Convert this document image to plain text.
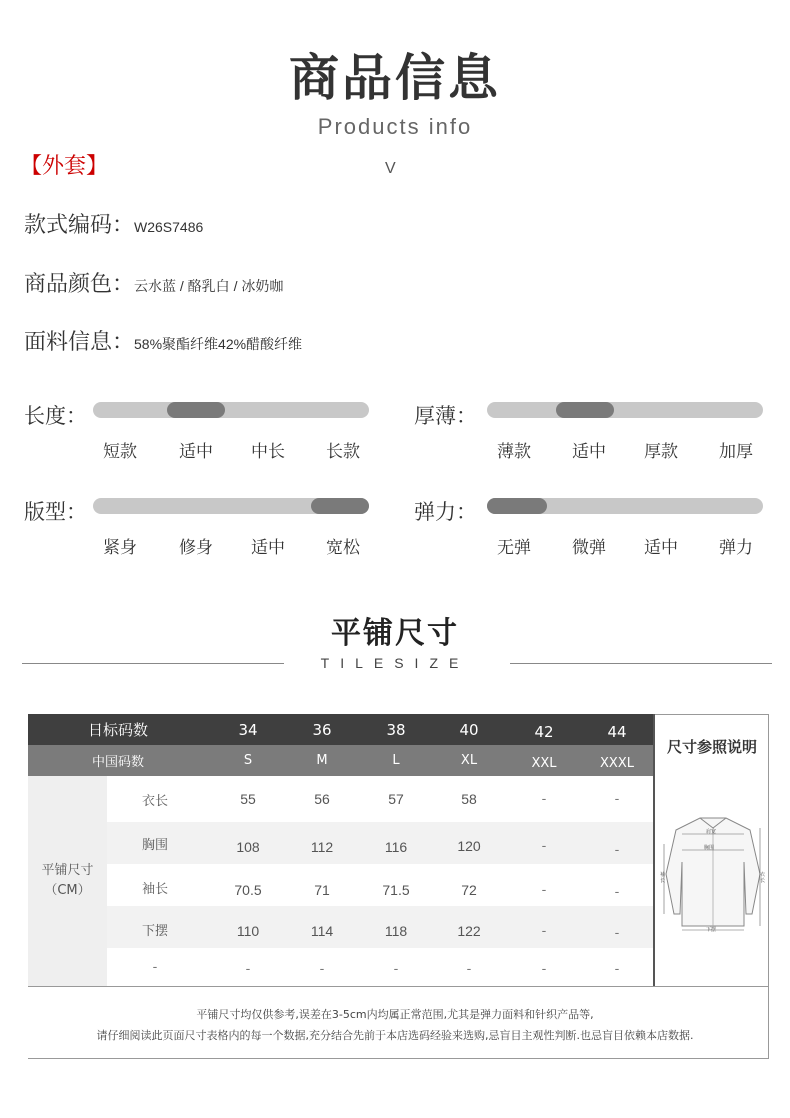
商品信息
Products info
【外套】	V
款式编码：W26S7486
商品颜色：云水蓝 / 酪乳白 / 冰奶咖
面料信息：58%聚酯纤维42%醋酸纤维
长度：
短款	适中	中长	长款
厚薄：
薄款	适中	厚款	加厚
版型：
紧身	修身	适中	宽松
弹力：
无弹	微弹	适中	弹力
平铺尺寸
TILESIZE
日标码数	34	36	38	40	42	44
中国码数	S	M	L	XL	XXL	XXXL
平铺尺寸
（CM）
衣长	55	56	57	58	-	-
胸围	108	112	116	120	-	-
袖长	70.5	71	71.5	72	-	-
下摆	110	114	118	122	-	-
-	-	-	-	-	-	-
尺寸参照说明
肩宽
胸围
袖长
衣长
下摆
平铺尺寸均仅供参考,误差在3-5cm内均属正常范围,尤其是弹力面料和针织产品等,
请仔细阅读此页面尺寸表格内的每一个数据,充分结合先前于本店选码经验来选购,忌盲目主观性判断.也忌盲目依赖本店数据.
